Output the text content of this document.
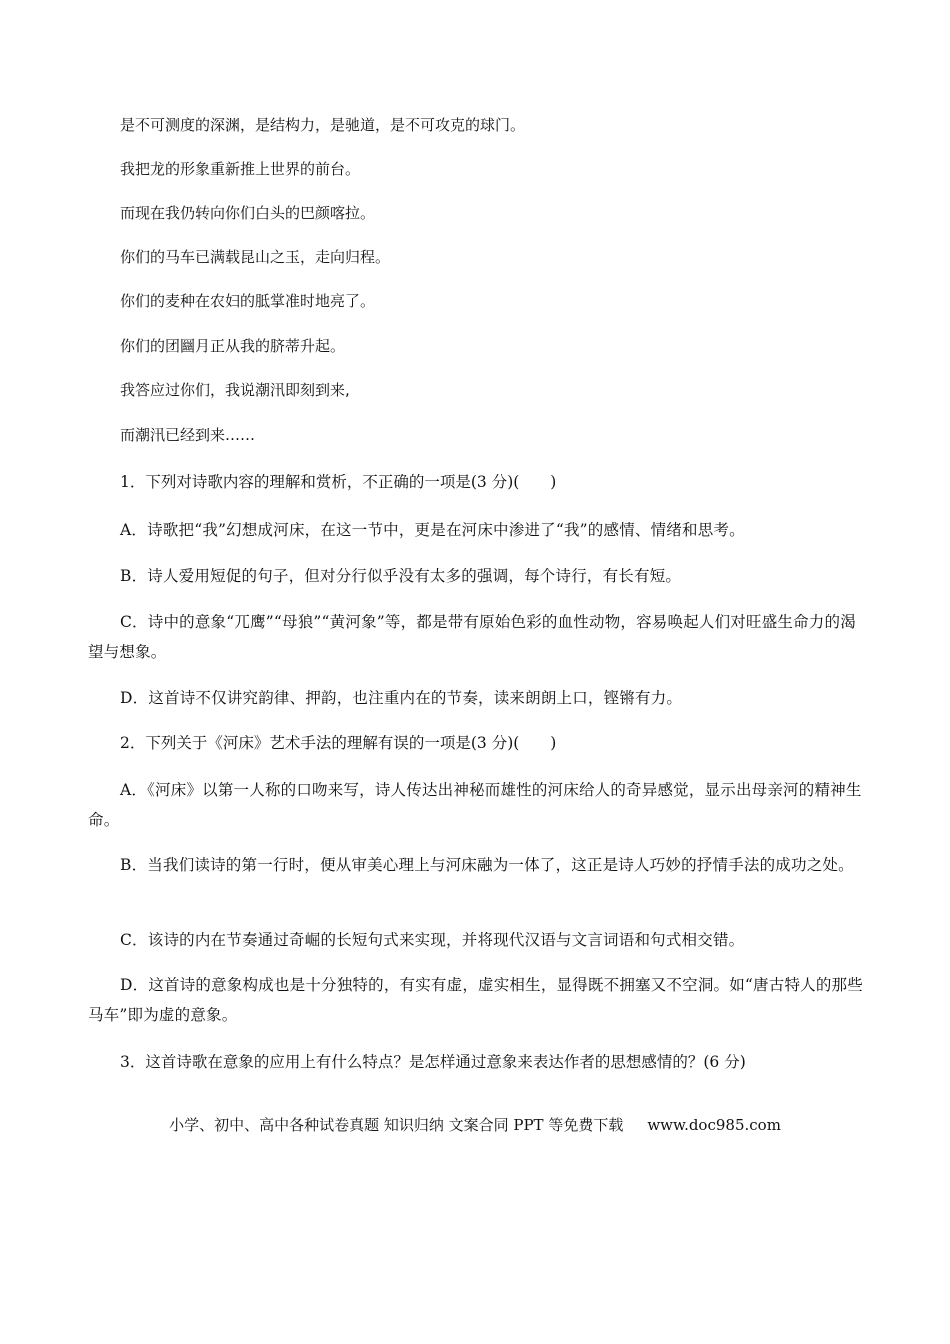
是不可测度的深渊，是结构力，是驰道，是不可攻克的球门。
我把龙的形象重新推上世界的前台。
而现在我仍转向你们白头的巴颜喀拉。
你们的马车已满载昆山之玉，走向归程。
你们的麦种在农妇的胝掌准时地亮了。
你们的团圝月正从我的脐蒂升起。
我答应过你们，我说潮汛即刻到来,
而潮汛已经到来……
1．下列对诗歌内容的理解和赏析，不正确的一项是(3 分)(　　)
A．诗歌把“我”幻想成河床，在这一节中，更是在河床中渗进了“我”的感情、情绪和思考。
B．诗人爱用短促的句子，但对分行似乎没有太多的强调，每个诗行，有长有短。
C．诗中的意象“兀鹰”“母狼”“黄河象”等，都是带有原始色彩的血性动物，容易唤起人们对旺盛生命力的渴望与想象。
D．这首诗不仅讲究韵律、押韵，也注重内在的节奏，读来朗朗上口，铿锵有力。
2．下列关于《河床》艺术手法的理解有误的一项是(3 分)(　　)
A．《河床》以第一人称的口吻来写，诗人传达出神秘而雄性的河床给人的奇异感觉，显示出母亲河的精神生命。
B．当我们读诗的第一行时，便从审美心理上与河床融为一体了，这正是诗人巧妙的抒情手法的成功之处。
C．该诗的内在节奏通过奇崛的长短句式来实现，并将现代汉语与文言词语和句式相交错。
D．这首诗的意象构成也是十分独特的，有实有虚，虚实相生，显得既不拥塞又不空洞。如“唐古特人的那些马车”即为虚的意象。
3．这首诗歌在意象的应用上有什么特点？是怎样通过意象来表达作者的思想感情的？(6 分)
小学、初中、高中各种试卷真题 知识归纳 文案合同 PPT 等免费下载 www.doc985.com
